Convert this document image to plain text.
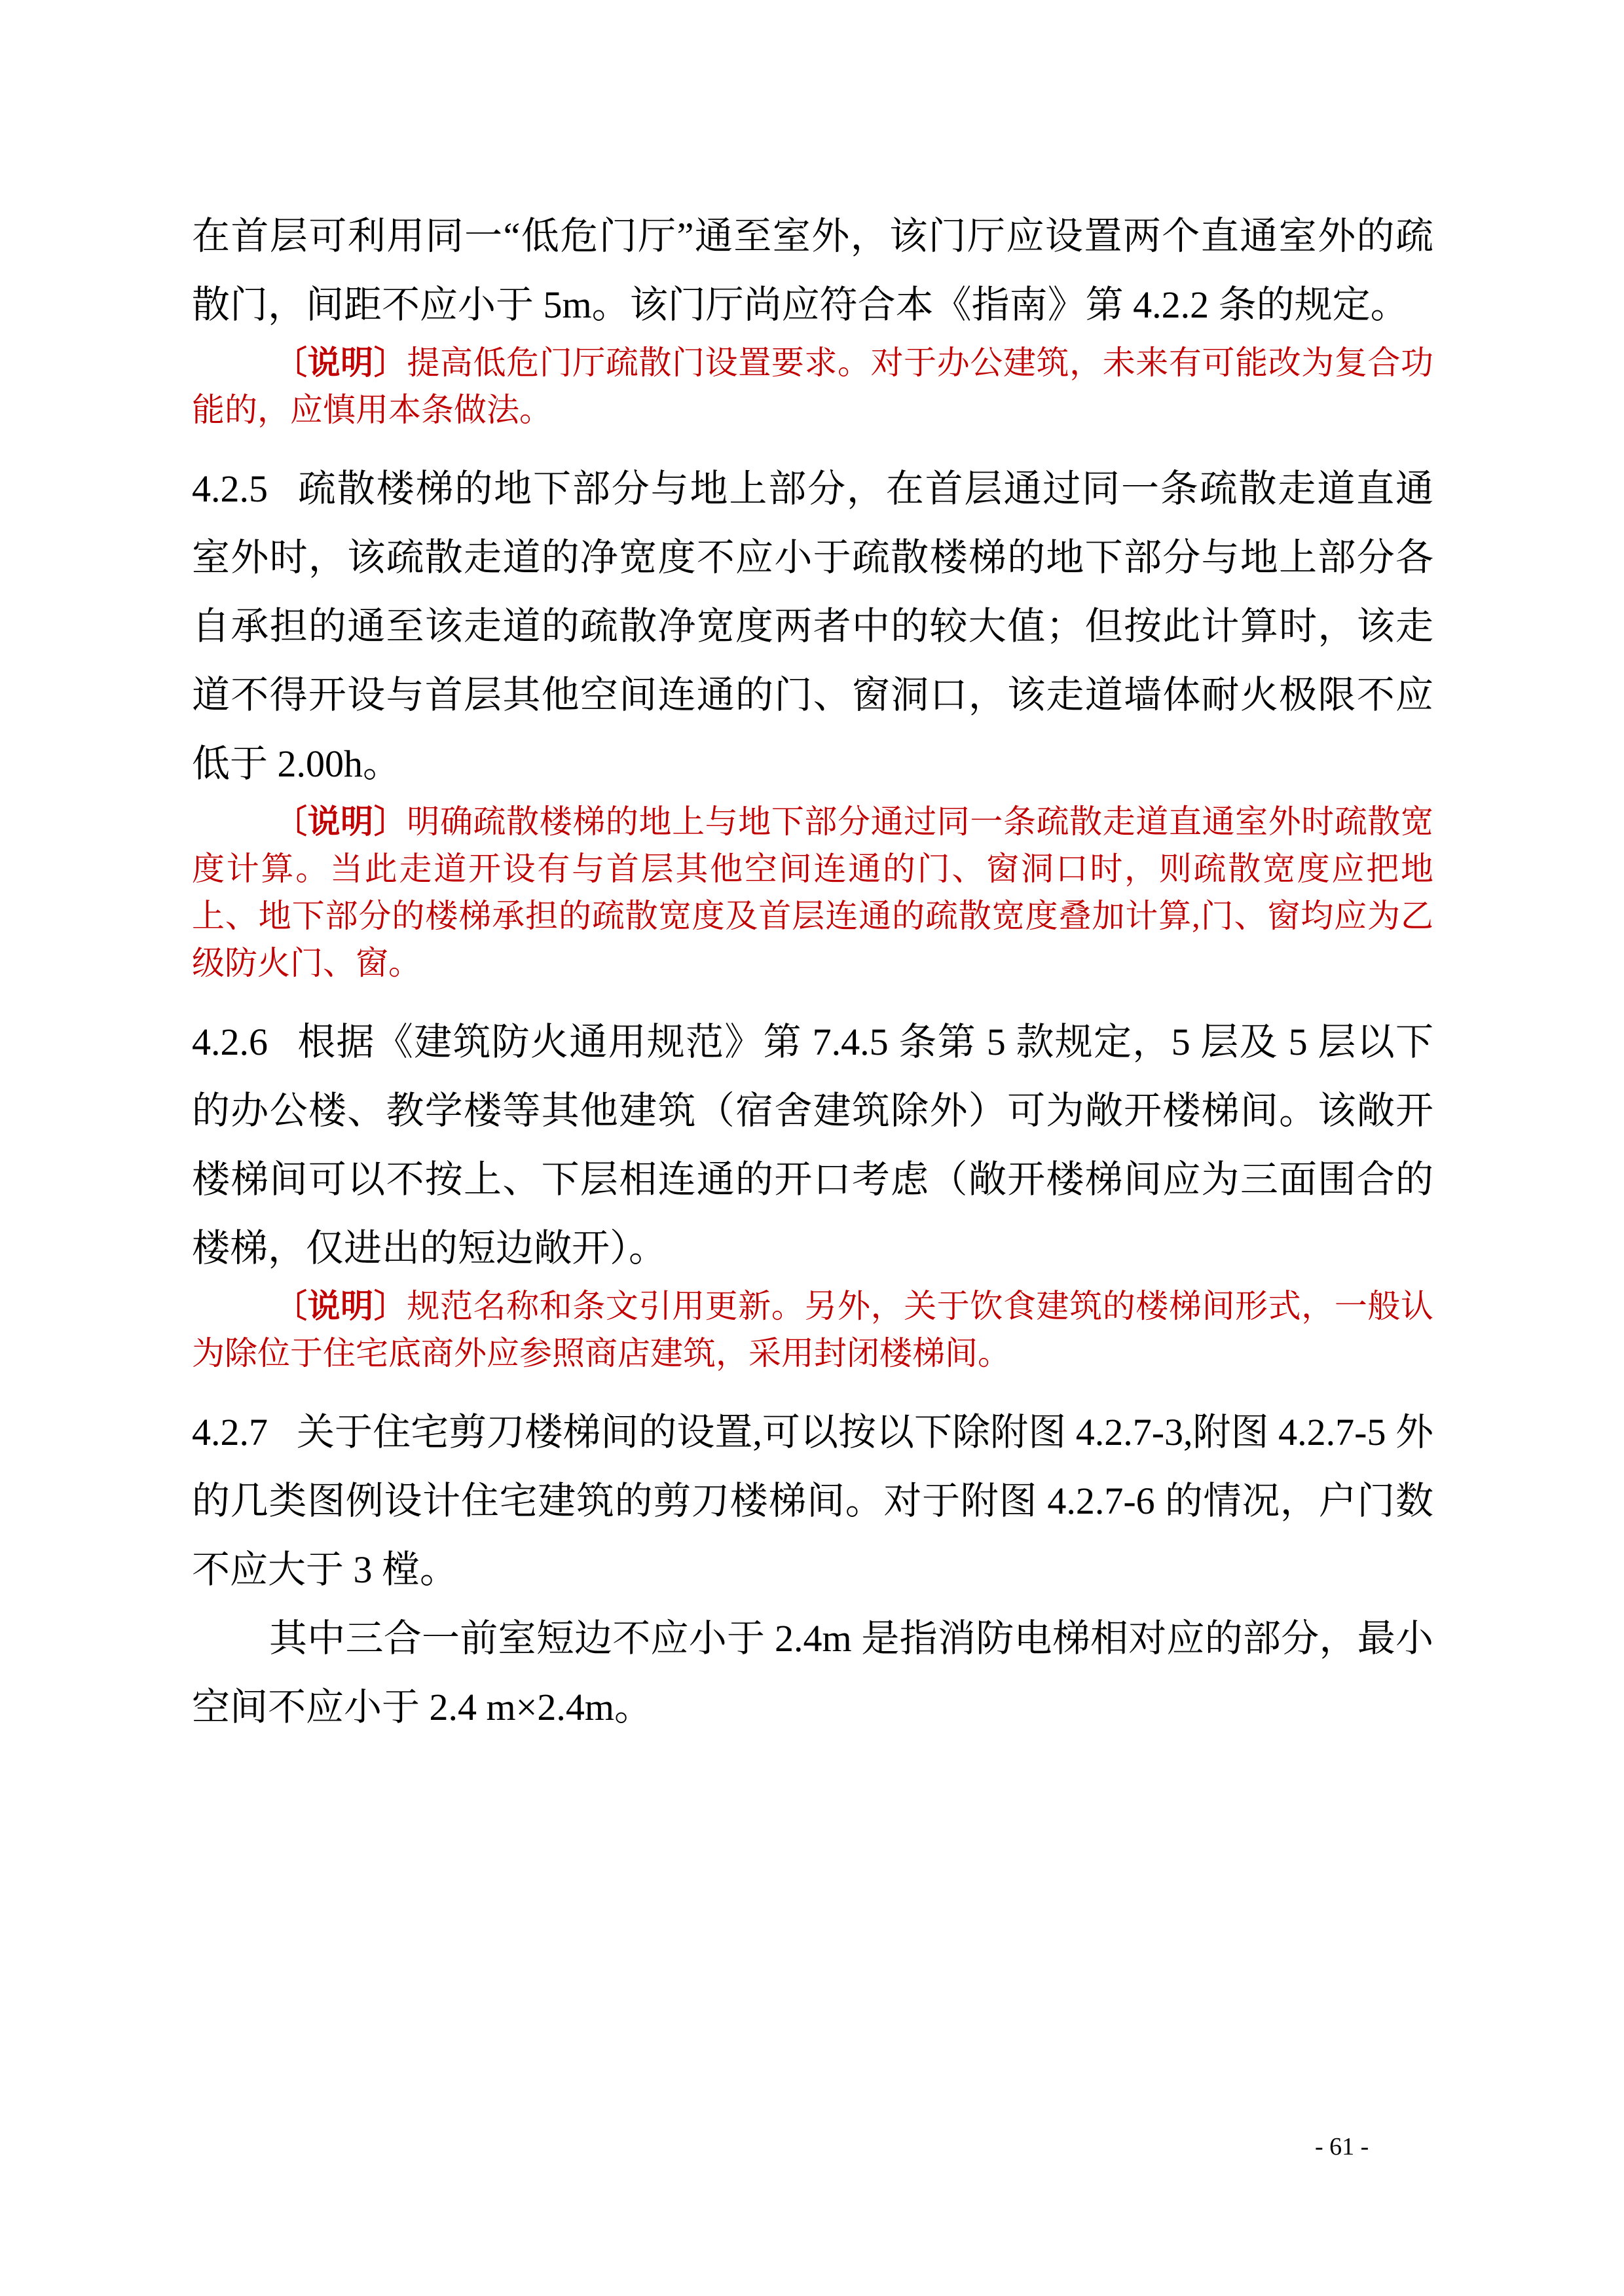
在首层可利用同一“低危门厅”通至室外，该门厅应设置两个直通室外的疏散门，间距不应小于 5m。该门厅尚应符合本《指南》第 4.2.2 条的规定。

〔说明〕提高低危门厅疏散门设置要求。对于办公建筑，未来有可能改为复合功能的，应慎用本条做法。

4.2.5 疏散楼梯的地下部分与地上部分，在首层通过同一条疏散走道直通室外时，该疏散走道的净宽度不应小于疏散楼梯的地下部分与地上部分各自承担的通至该走道的疏散净宽度两者中的较大值；但按此计算时，该走道不得开设与首层其他空间连通的门、窗洞口，该走道墙体耐火极限不应低于 2.00h。

〔说明〕明确疏散楼梯的地上与地下部分通过同一条疏散走道直通室外时疏散宽度计算。当此走道开设有与首层其他空间连通的门、窗洞口时，则疏散宽度应把地上、地下部分的楼梯承担的疏散宽度及首层连通的疏散宽度叠加计算,门、窗均应为乙级防火门、窗。

4.2.6 根据《建筑防火通用规范》第 7.4.5 条第 5 款规定，5 层及 5 层以下的办公楼、教学楼等其他建筑（宿舍建筑除外）可为敞开楼梯间。该敞开楼梯间可以不按上、下层相连通的开口考虑（敞开楼梯间应为三面围合的楼梯，仅进出的短边敞开）。

〔说明〕规范名称和条文引用更新。另外，关于饮食建筑的楼梯间形式，一般认为除位于住宅底商外应参照商店建筑，采用封闭楼梯间。

4.2.7 关于住宅剪刀楼梯间的设置,可以按以下除附图 4.2.7-3,附图 4.2.7-5 外的几类图例设计住宅建筑的剪刀楼梯间。对于附图 4.2.7-6 的情况，户门数不应大于 3 樘。

其中三合一前室短边不应小于 2.4m 是指消防电梯相对应的部分，最小空间不应小于 2.4 m×2.4m。

- 61 -
